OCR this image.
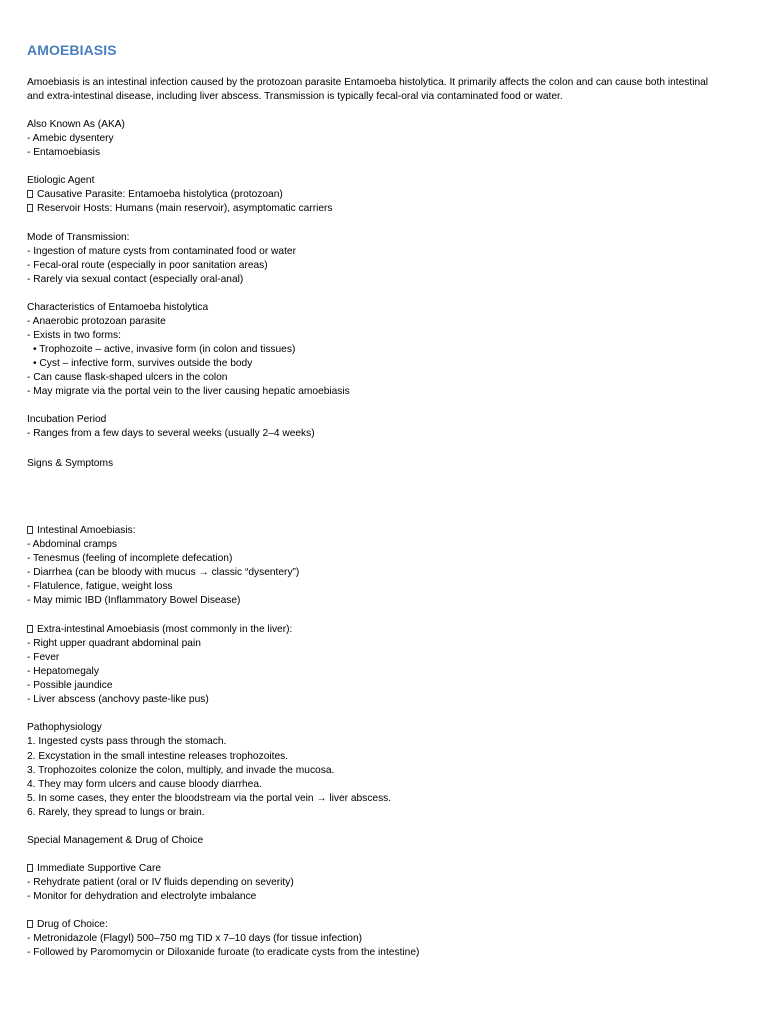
AMOEBIASIS

Amoebiasis is an intestinal infection caused by the protozoan parasite Entamoeba histolytica. It primarily affects the colon and can cause both intestinal

and extra-intestinal disease, including liver abscess. Transmission is typically fecal-oral via contaminated food or water.

Also Known As (AKA)

- Amebic dysentery

- Entamoebiasis

Etiologic Agent

Causative Parasite: Entamoeba histolytica (protozoan)

Reservoir Hosts: Humans (main reservoir), asymptomatic carriers

Mode of Transmission:

- Ingestion of mature cysts from contaminated food or water

- Fecal-oral route (especially in poor sanitation areas)

- Rarely via sexual contact (especially oral-anal)

Characteristics of Entamoeba histolytica

- Anaerobic protozoan parasite

- Exists in two forms:

• Trophozoite – active, invasive form (in colon and tissues)

• Cyst – infective form, survives outside the body

- Can cause flask-shaped ulcers in the colon

- May migrate via the portal vein to the liver causing hepatic amoebiasis

Incubation Period

- Ranges from a few days to several weeks (usually 2–4 weeks)

Signs & Symptoms

Intestinal Amoebiasis:

- Abdominal cramps

- Tenesmus (feeling of incomplete defecation)

- Diarrhea (can be bloody with mucus → classic “dysentery”)

- Flatulence, fatigue, weight loss

- May mimic IBD (Inflammatory Bowel Disease)

Extra-intestinal Amoebiasis (most commonly in the liver):

- Right upper quadrant abdominal pain

- Fever

- Hepatomegaly

- Possible jaundice

- Liver abscess (anchovy paste-like pus)

Pathophysiology

1. Ingested cysts pass through the stomach.

2. Excystation in the small intestine releases trophozoites.

3. Trophozoites colonize the colon, multiply, and invade the mucosa.

4. They may form ulcers and cause bloody diarrhea.

5. In some cases, they enter the bloodstream via the portal vein → liver abscess.

6. Rarely, they spread to lungs or brain.

Special Management & Drug of Choice

Immediate Supportive Care

- Rehydrate patient (oral or IV fluids depending on severity)

- Monitor for dehydration and electrolyte imbalance

Drug of Choice:

- Metronidazole (Flagyl) 500–750 mg TID x 7–10 days (for tissue infection)

- Followed by Paromomycin or Diloxanide furoate (to eradicate cysts from the intestine)
